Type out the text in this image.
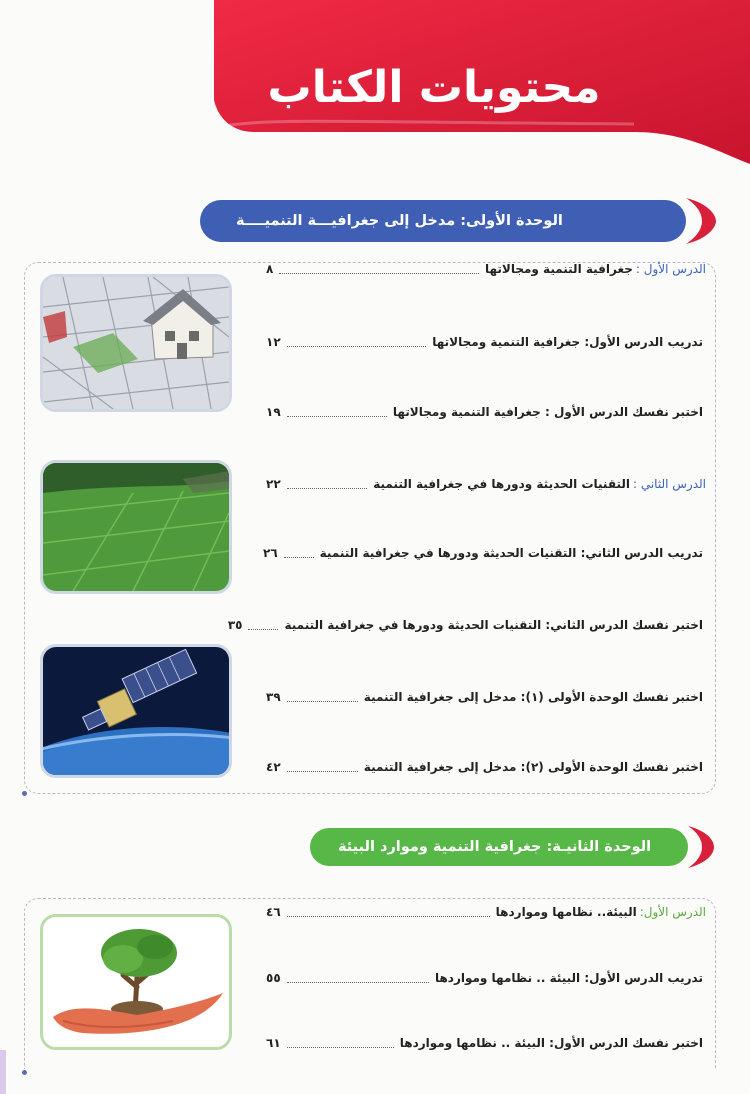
محتويات الكتاب
الوحدة الأولى: مدخل إلى جغرافيـــة التنميــــة
الدرس الأول :
جغرافية التنمية ومجالاتها
٨
تدريب الدرس الأول: جغرافية التنمية ومجالاتها
١٢
اختبر نفسك الدرس الأول : جغرافية التنمية ومجالاتها
١٩
الدرس الثاني :
التقنيات الحديثة ودورها في جغرافية التنمية
٢٢
تدريب الدرس الثاني: التقنيات الحديثة ودورها في جغرافية التنمية
٢٦
اختبر نفسك الدرس الثاني: التقنيات الحديثة ودورها في جغرافية التنمية
٣٥
اختبر نفسك الوحدة الأولى (١): مدخل إلى جغرافية التنمية
٣٩
اختبر نفسك الوحدة الأولى (٢): مدخل إلى جغرافية التنمية
٤٢
الوحدة الثانيـة: جغرافية التنمية وموارد البيئة
الدرس الأول:
البيئة.. نظامها ومواردها
٤٦
تدريب الدرس الأول: البيئة .. نظامها ومواردها
٥٥
اختبر نفسك الدرس الأول: البيئة .. نظامها ومواردها
٦١
